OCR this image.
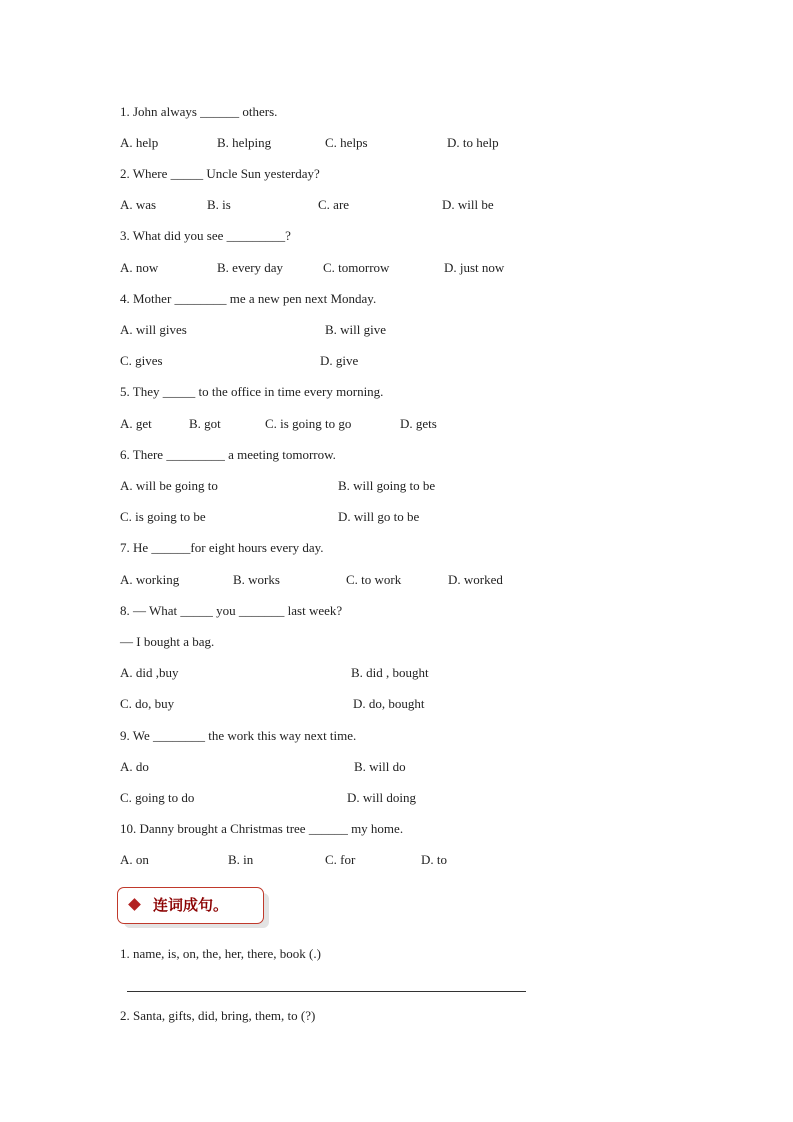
1. John always ______ others.
A. help	B. helping	C. helps	D. to help
2. Where _____ Uncle Sun yesterday?
A. was	B. is	C. are	D. will be
3. What did you see _________?
A. now	B. every day	C. tomorrow	D. just now
4. Mother ________ me a new pen next Monday.
A. will gives	B. will give
C. gives	D. give
5. They _____ to the office in time every morning.
A. get	B. got	C. is going to go	D. gets
6. There _________ a meeting tomorrow.
A. will be going to	B. will going to be
C. is going to be	D. will go to be
7. He ______for eight hours every day.
A. working	B. works	C. to work	D. worked
8. — What _____ you _______ last week?
— I bought a bag.
A. did ,buy	B. did , bought
C. do, buy	D. do, bought
9. We ________ the work this way next time.
A. do	B. will do
C. going to do	D. will doing
10. Danny brought a Christmas tree ______ my home.
A. on	B. in	C. for	D. to
连词成句。
1. name, is, on, the, her, there, book (.)
2. Santa, gifts, did, bring, them, to (?)
